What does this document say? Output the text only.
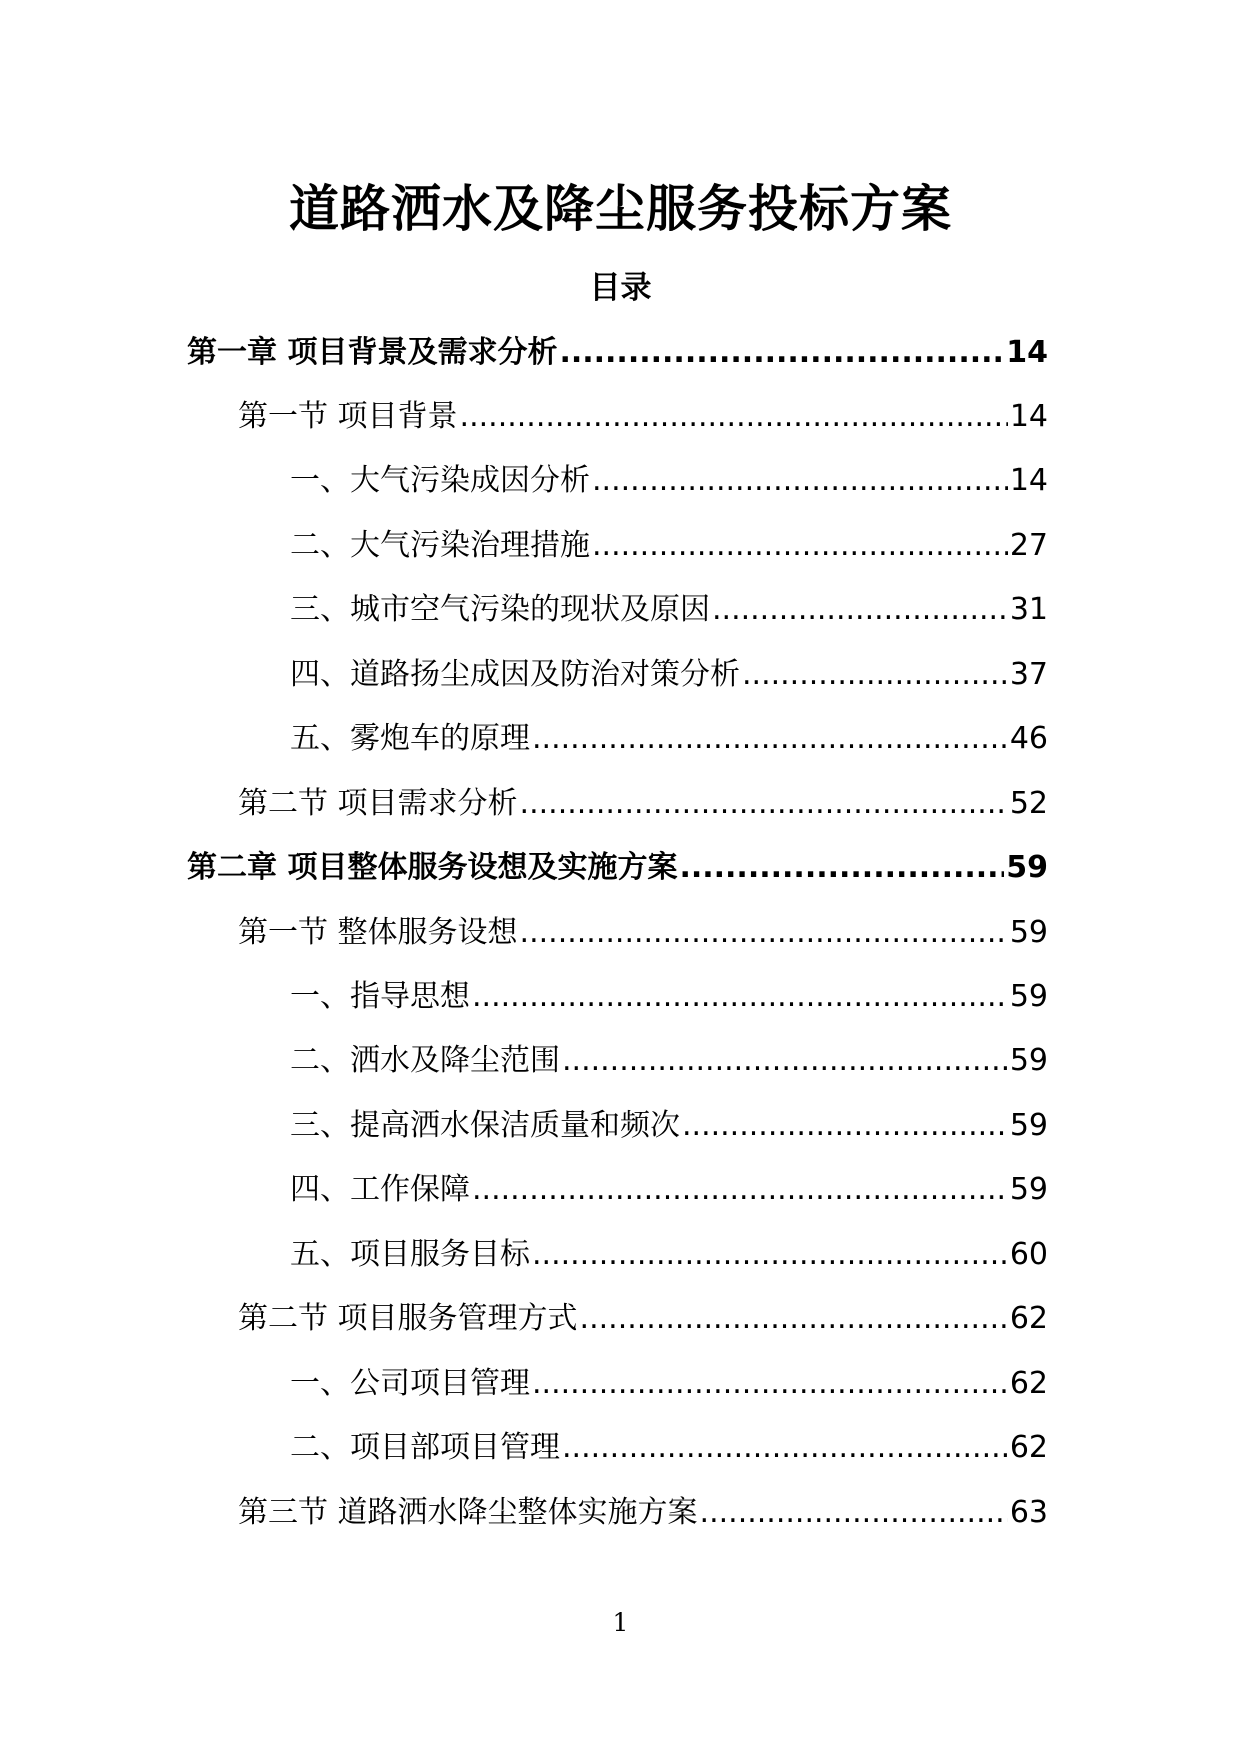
道路洒水及降尘服务投标方案
目录
第一章 项目背景及需求分析 .....	14
第一节 项目背景 .....	14
一、大气污染成因分析 .....	14
二、大气污染治理措施 .....	27
三、城市空气污染的现状及原因 .....	31
四、道路扬尘成因及防治对策分析 .....	37
五、雾炮车的原理 .....	46
第二节 项目需求分析 .....	52
第二章 项目整体服务设想及实施方案 .....	59
第一节 整体服务设想 .....	59
一、指导思想 .....	59
二、洒水及降尘范围 .....	59
三、提高洒水保洁质量和频次 .....	59
四、工作保障 .....	59
五、项目服务目标 .....	60
第二节 项目服务管理方式 .....	62
一、公司项目管理 .....	62
二、项目部项目管理 .....	62
第三节 道路洒水降尘整体实施方案 .....	63
1
